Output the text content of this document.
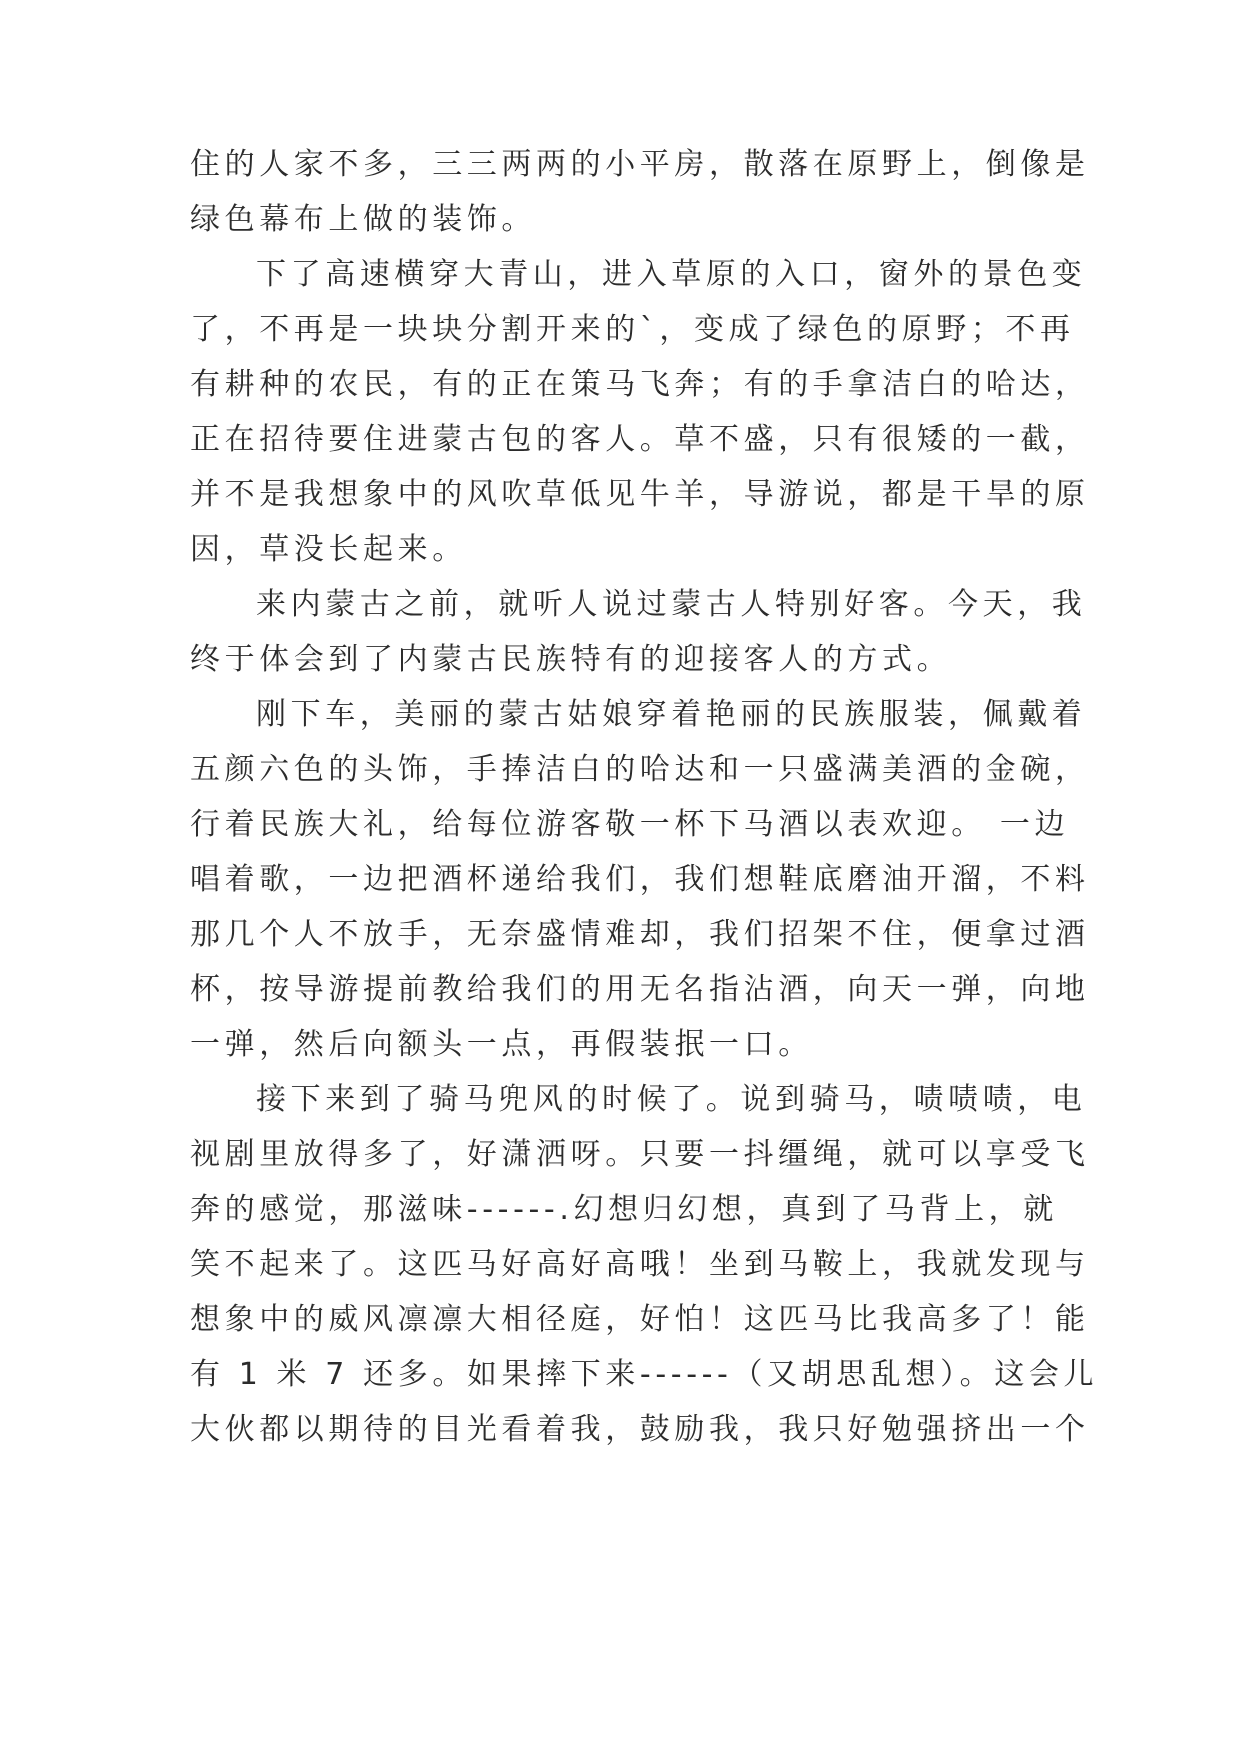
住的人家不多，三三两两的小平房，散落在原野上，倒像是
绿色幕布上做的装饰。
下了高速横穿大青山，进入草原的入口，窗外的景色变
了，不再是一块块分割开来的`，变成了绿色的原野；不再
有耕种的农民，有的正在策马飞奔；有的手拿洁白的哈达，
正在招待要住进蒙古包的客人。草不盛，只有很矮的一截，
并不是我想象中的风吹草低见牛羊，导游说，都是干旱的原
因，草没长起来。
来内蒙古之前，就听人说过蒙古人特别好客。今天，我
终于体会到了内蒙古民族特有的迎接客人的方式。
刚下车，美丽的蒙古姑娘穿着艳丽的民族服装，佩戴着
五颜六色的头饰，手捧洁白的哈达和一只盛满美酒的金碗，
行着民族大礼，给每位游客敬一杯下马酒以表欢迎。 一边
唱着歌，一边把酒杯递给我们，我们想鞋底磨油开溜，不料
那几个人不放手，无奈盛情难却，我们招架不住，便拿过酒
杯，按导游提前教给我们的用无名指沾酒，向天一弹，向地
一弹，然后向额头一点，再假装抿一口。
接下来到了骑马兜风的时候了。说到骑马，啧啧啧，电
视剧里放得多了，好潇洒呀。只要一抖缰绳，就可以享受飞
奔的感觉，那滋味------.幻想归幻想，真到了马背上，就
笑不起来了。这匹马好高好高哦！坐到马鞍上，我就发现与
想象中的威风凛凛大相径庭，好怕！这匹马比我高多了！能
有 1 米 7 还多。如果摔下来------（又胡思乱想）。这会儿
大伙都以期待的目光看着我，鼓励我，我只好勉强挤出一个
